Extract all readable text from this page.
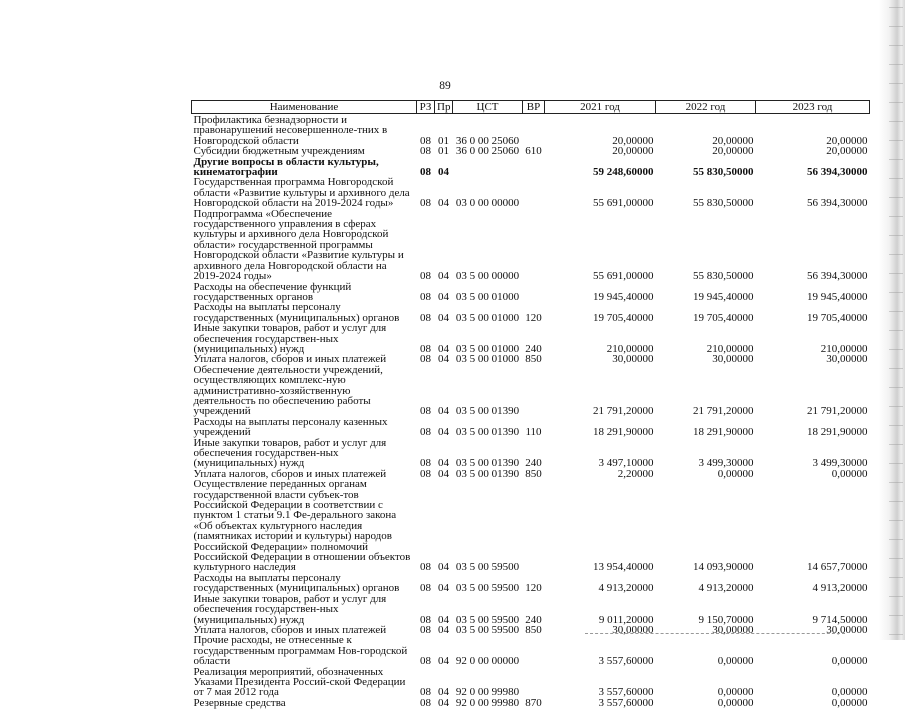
89
Наименование	РЗ	Пр	ЦСТ	ВР	2021 год	2022 год	2023 год
Профилактика безнадзорности и правонарушений несовершенноле-тних в Новгородской области	08	01	36 0 00 25060		20,00000	20,00000	20,00000
Субсидии бюджетным учреждениям	08	01	36 0 00 25060	610	20,00000	20,00000	20,00000
Другие вопросы в области культуры, кинематографии	08	04			59 248,60000	55 830,50000	56 394,30000
Государственная программа Новгородской области «Развитие культуры и архивного дела Новгородской области на 2019-2024 годы»	08	04	03 0 00 00000		55 691,00000	55 830,50000	56 394,30000
Подпрограмма «Обеспечение государственного управления в сферах культуры и архивного дела Новгородской области» государственной программы Новгородской области «Развитие культуры и архивного дела Новгородской области на 2019-2024 годы»	08	04	03 5 00 00000		55 691,00000	55 830,50000	56 394,30000
Расходы на обеспечение функций государственных органов	08	04	03 5 00 01000		19 945,40000	19 945,40000	19 945,40000
Расходы на выплаты персоналу государственных (муниципальных) органов	08	04	03 5 00 01000	120	19 705,40000	19 705,40000	19 705,40000
Иные закупки товаров, работ и услуг для обеспечения государствен-ных (муниципальных) нужд	08	04	03 5 00 01000	240	210,00000	210,00000	210,00000
Уплата налогов, сборов и иных платежей	08	04	03 5 00 01000	850	30,00000	30,00000	30,00000
Обеспечение деятельности учреждений, осуществляющих комплекс-ную административно-хозяйственную деятельность по обеспечению работы учреждений	08	04	03 5 00 01390		21 791,20000	21 791,20000	21 791,20000
Расходы на выплаты персоналу казенных учреждений	08	04	03 5 00 01390	110	18 291,90000	18 291,90000	18 291,90000
Иные закупки товаров, работ и услуг для обеспечения государствен-ных (муниципальных) нужд	08	04	03 5 00 01390	240	3 497,10000	3 499,30000	3 499,30000
Уплата налогов, сборов и иных платежей	08	04	03 5 00 01390	850	2,20000	0,00000	0,00000
Осуществление переданных органам государственной власти субъек-тов Российской Федерации в соответствии с пунктом 1 статьи 9.1 Фе-дерального закона «Об объектах культурного наследия (памятниках истории и культуры) народов Российской Федерации» полномочий Российской Федерации в отношении объектов культурного наследия	08	04	03 5 00 59500		13 954,40000	14 093,90000	14 657,70000
Расходы на выплаты персоналу государственных (муниципальных) органов	08	04	03 5 00 59500	120	4 913,20000	4 913,20000	4 913,20000
Иные закупки товаров, работ и услуг для обеспечения государствен-ных (муниципальных) нужд	08	04	03 5 00 59500	240	9 011,20000	9 150,70000	9 714,50000
Уплата налогов, сборов и иных платежей	08	04	03 5 00 59500	850	30,00000	30,00000	30,00000
Прочие расходы, не отнесенные к государственным программам Нов-городской области	08	04	92 0 00 00000		3 557,60000	0,00000	0,00000
Реализация мероприятий, обозначенных Указами Президента Россий-ской Федерации от 7 мая 2012 года	08	04	92 0 00 99980		3 557,60000	0,00000	0,00000
Резервные средства	08	04	92 0 00 99980	870	3 557,60000	0,00000	0,00000
